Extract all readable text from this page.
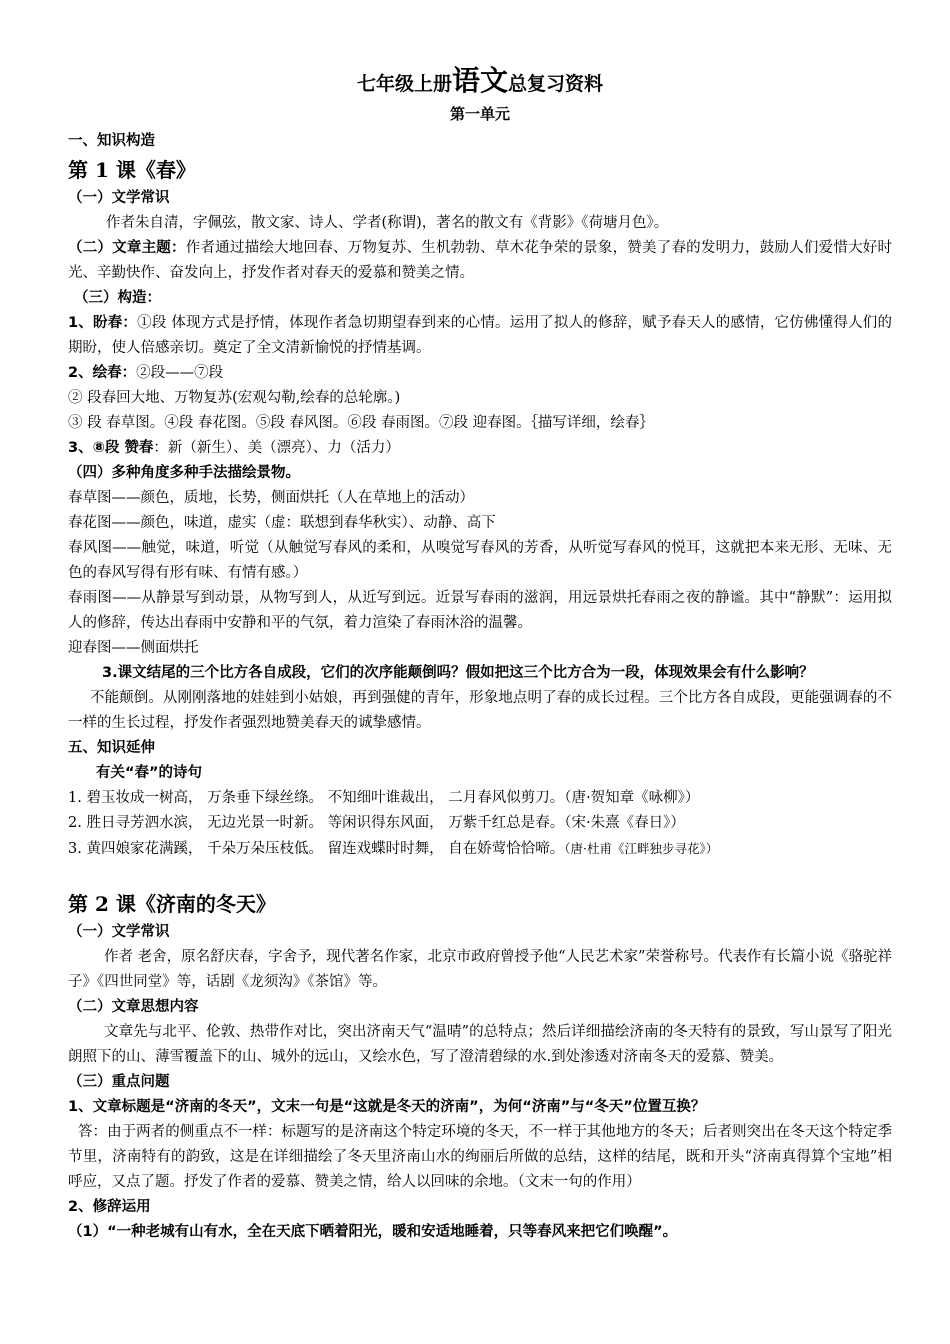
七年级上册语文总复习资料

第一单元

一、知识构造

第 1 课《春》

（一）文学常识

作者朱自清，字佩弦，散文家、诗人、学者(称谓)，著名的散文有《背影》《荷塘月色》。

（二）文章主题：作者通过描绘大地回春、万物复苏、生机勃勃、草木花争荣的景象，赞美了春的发明力，鼓励人们爱惜大好时光、辛勤快作、奋发向上，抒发作者对春天的爱慕和赞美之情。

（三）构造：

1、盼春：①段 体现方式是抒情，体现作者急切期望春到来的心情。运用了拟人的修辞，赋予春天人的感情，它仿佛懂得人们的期盼，使人倍感亲切。奠定了全文清新愉悦的抒情基调。

2、绘春：②段——⑦段

② 段春回大地、万物复苏(宏观勾勒,绘春的总轮廓。)

③ 段 春草图。④段 春花图。⑤段 春风图。⑥段 春雨图。⑦段 迎春图。｛描写详细，绘春｝

3、⑧段 赞春：新（新生）、美（漂亮）、力（活力）

（四）多种角度多种手法描绘景物。

春草图——颜色，质地，长势，侧面烘托（人在草地上的活动）

春花图——颜色，味道，虚实（虚：联想到春华秋实）、动静、高下

春风图——触觉，味道，听觉（从触觉写春风的柔和，从嗅觉写春风的芳香，从听觉写春风的悦耳，这就把本来无形、无味、无色的春风写得有形有味、有情有感。）

春雨图——从静景写到动景，从物写到人，从近写到远。近景写春雨的滋润，用远景烘托春雨之夜的静谧。其中“静默”：运用拟人的修辞，传达出春雨中安静和平的气氛，着力渲染了春雨沐浴的温馨。

迎春图——侧面烘托

3.课文结尾的三个比方各自成段，它们的次序能颠倒吗？假如把这三个比方合为一段，体现效果会有什么影响？

不能颠倒。从刚刚落地的娃娃到小姑娘，再到强健的青年，形象地点明了春的成长过程。三个比方各自成段，更能强调春的不一样的生长过程，抒发作者强烈地赞美春天的诚挚感情。

五、知识延伸

有关“春”的诗句

1. 碧玉妆成一树高， 万条垂下绿丝绦。 不知细叶谁裁出， 二月春风似剪刀。（唐·贺知章《咏柳》）

2. 胜日寻芳泗水滨， 无边光景一时新。 等闲识得东风面， 万紫千红总是春。（宋·朱熹《春日》）

3. 黄四娘家花满蹊， 千朵万朵压枝低。 留连戏蝶时时舞， 自在娇莺恰恰啼。（唐·杜甫《江畔独步寻花》）

第 2 课《济南的冬天》

（一）文学常识

作者 老舍，原名舒庆春，字舍予，现代著名作家，北京市政府曾授予他“人民艺术家”荣誉称号。代表作有长篇小说《骆驼祥子》《四世同堂》等，话剧《龙须沟》《茶馆》等。

（二）文章思想内容

文章先与北平、伦敦、热带作对比，突出济南天气“温晴”的总特点；然后详细描绘济南的冬天特有的景致，写山景写了阳光朗照下的山、薄雪覆盖下的山、城外的远山，又绘水色，写了澄清碧绿的水.到处渗透对济南冬天的爱慕、赞美。

（三）重点问题

1、文章标题是“济南的冬天”，文末一句是“这就是冬天的济南”，为何“济南”与“冬天”位置互换？

答：由于两者的侧重点不一样：标题写的是济南这个特定环境的冬天，不一样于其他地方的冬天；后者则突出在冬天这个特定季节里，济南特有的韵致，这是在详细描绘了冬天里济南山水的绚丽后所做的总结，这样的结尾，既和开头“济南真得算个宝地”相呼应，又点了题。抒发了作者的爱慕、赞美之情，给人以回味的余地。（文末一句的作用）

2、修辞运用

（1）“一种老城有山有水，全在天底下晒着阳光，暖和安适地睡着，只等春风来把它们唤醒”。
